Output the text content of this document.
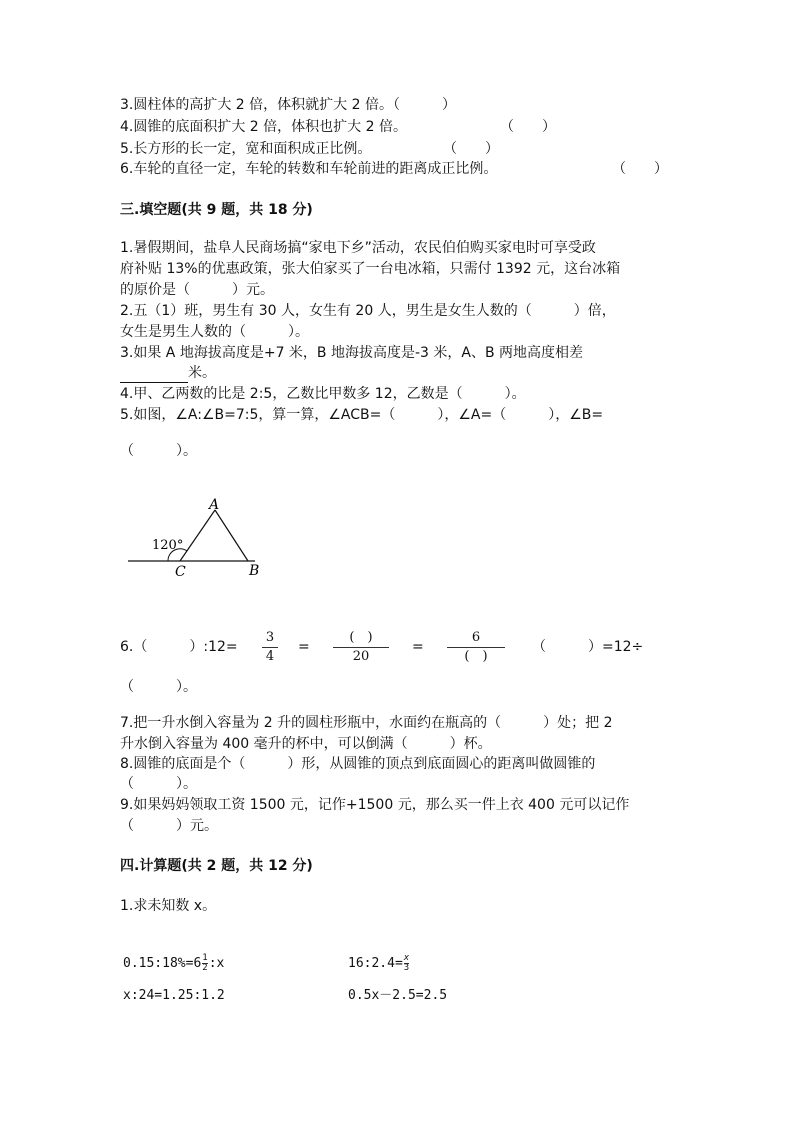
3.圆柱体的高扩大 2 倍，体积就扩大 2 倍。（　　　）
4.圆锥的底面积扩大 2 倍，体积也扩大 2 倍。	（　　）
5.长方形的长一定，宽和面积成正比例。	（　　）
6.车轮的直径一定，车轮的转数和车轮前进的距离成正比例。	（　　）
三.填空题(共 9 题，共 18 分)
1.暑假期间，盐阜人民商场搞“家电下乡”活动，农民伯伯购买家电时可享受政
府补贴 13%的优惠政策，张大伯家买了一台电冰箱，只需付 1392 元，这台冰箱
的原价是（　　　）元。
2.五（1）班，男生有 30 人，女生有 20 人，男生是女生人数的（　　　）倍，
女生是男生人数的（　　　）。
3.如果 A 地海拔高度是+7 米，B 地海拔高度是-3 米，A、B 两地高度相差
米。
4.甲、乙两数的比是 2:5，乙数比甲数多 12，乙数是（　　　）。
5.如图，∠A:∠B=7:5，算一算，∠ACB=（　　　），∠A=（　　　），∠B=
（　　　）。
A
B
C
120°
6.（　　　）:12=
3
4
=
(　)
20
=
6
(　)
（　　　）=12÷
（　　　）。
7.把一升水倒入容量为 2 升的圆柱形瓶中，水面约在瓶高的（　　　）处；把 2
升水倒入容量为 400 毫升的杯中，可以倒满（　　　）杯。
8.圆锥的底面是个（　　　）形，从圆锥的顶点到底面圆心的距离叫做圆锥的
（　　　）。
9.如果妈妈领取工资 1500 元，记作+1500 元，那么买一件上衣 400 元可以记作
（　　　）元。
四.计算题(共 2 题，共 12 分)
1.求未知数 x。
$0.15:18\%=6\frac{1}{2}$ :x	$16:2.4=\frac{x}{3}$
x:24=1.25:1.2	0.5x－2.5=2.5
